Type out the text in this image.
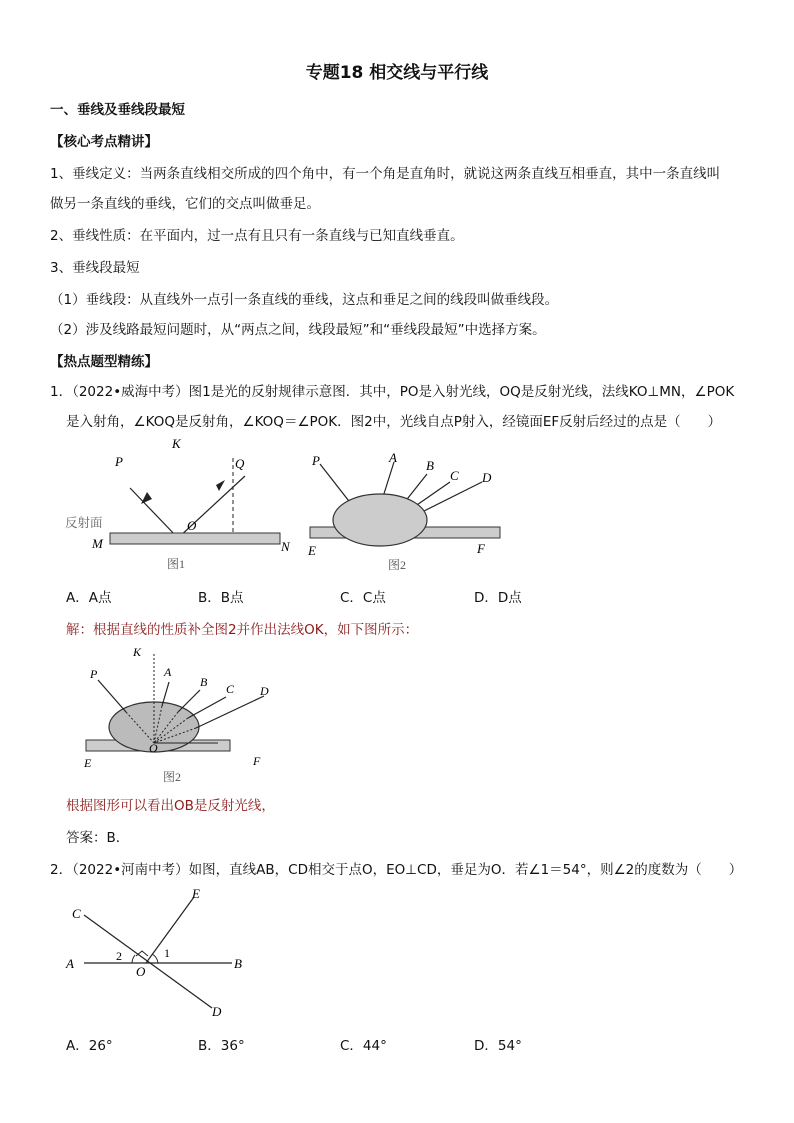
专题18 相交线与平行线
一、垂线及垂线段最短
【核心考点精讲】
1、垂线定义：当两条直线相交所成的四个角中，有一个角是直角时，就说这两条直线互相垂直，其中一条直线叫
做另一条直线的垂线，它们的交点叫做垂足。
2、垂线性质：在平面内，过一点有且只有一条直线与已知直线垂直。
3、垂线段最短
（1）垂线段：从直线外一点引一条直线的垂线，这点和垂足之间的线段叫做垂线段。
（2）涉及线路最短问题时，从“两点之间，线段最短”和“垂线段最短”中选择方案。
【热点题型精练】
1．（2022•威海中考）图1是光的反射规律示意图．其中，PO是入射光线，OQ是反射光线，法线KO⊥MN，∠POK
是入射角，∠KOQ是反射角，∠KOQ＝∠POK．图2中，光线自点P射入，经镜面EF反射后经过的点是（　　）
P
K
Q
O
反射面
M	N
图1
P	A
B
C D
E	F
图2
A．A点	B．B点	C．C点	D．D点
解：根据直线的性质补全图2并作出法线OK，如下图所示：
K
P	A
B C D
O
E	F
图2
根据图形可以看出OB是反射光线，
答案：B．
2．（2022•河南中考）如图，直线AB，CD相交于点O，EO⊥CD，垂足为O．若∠1＝54°，则∠2的度数为（　　）
C
E
A	B
O
D
1
2
A．26°	B．36°	C．44°	D．54°
